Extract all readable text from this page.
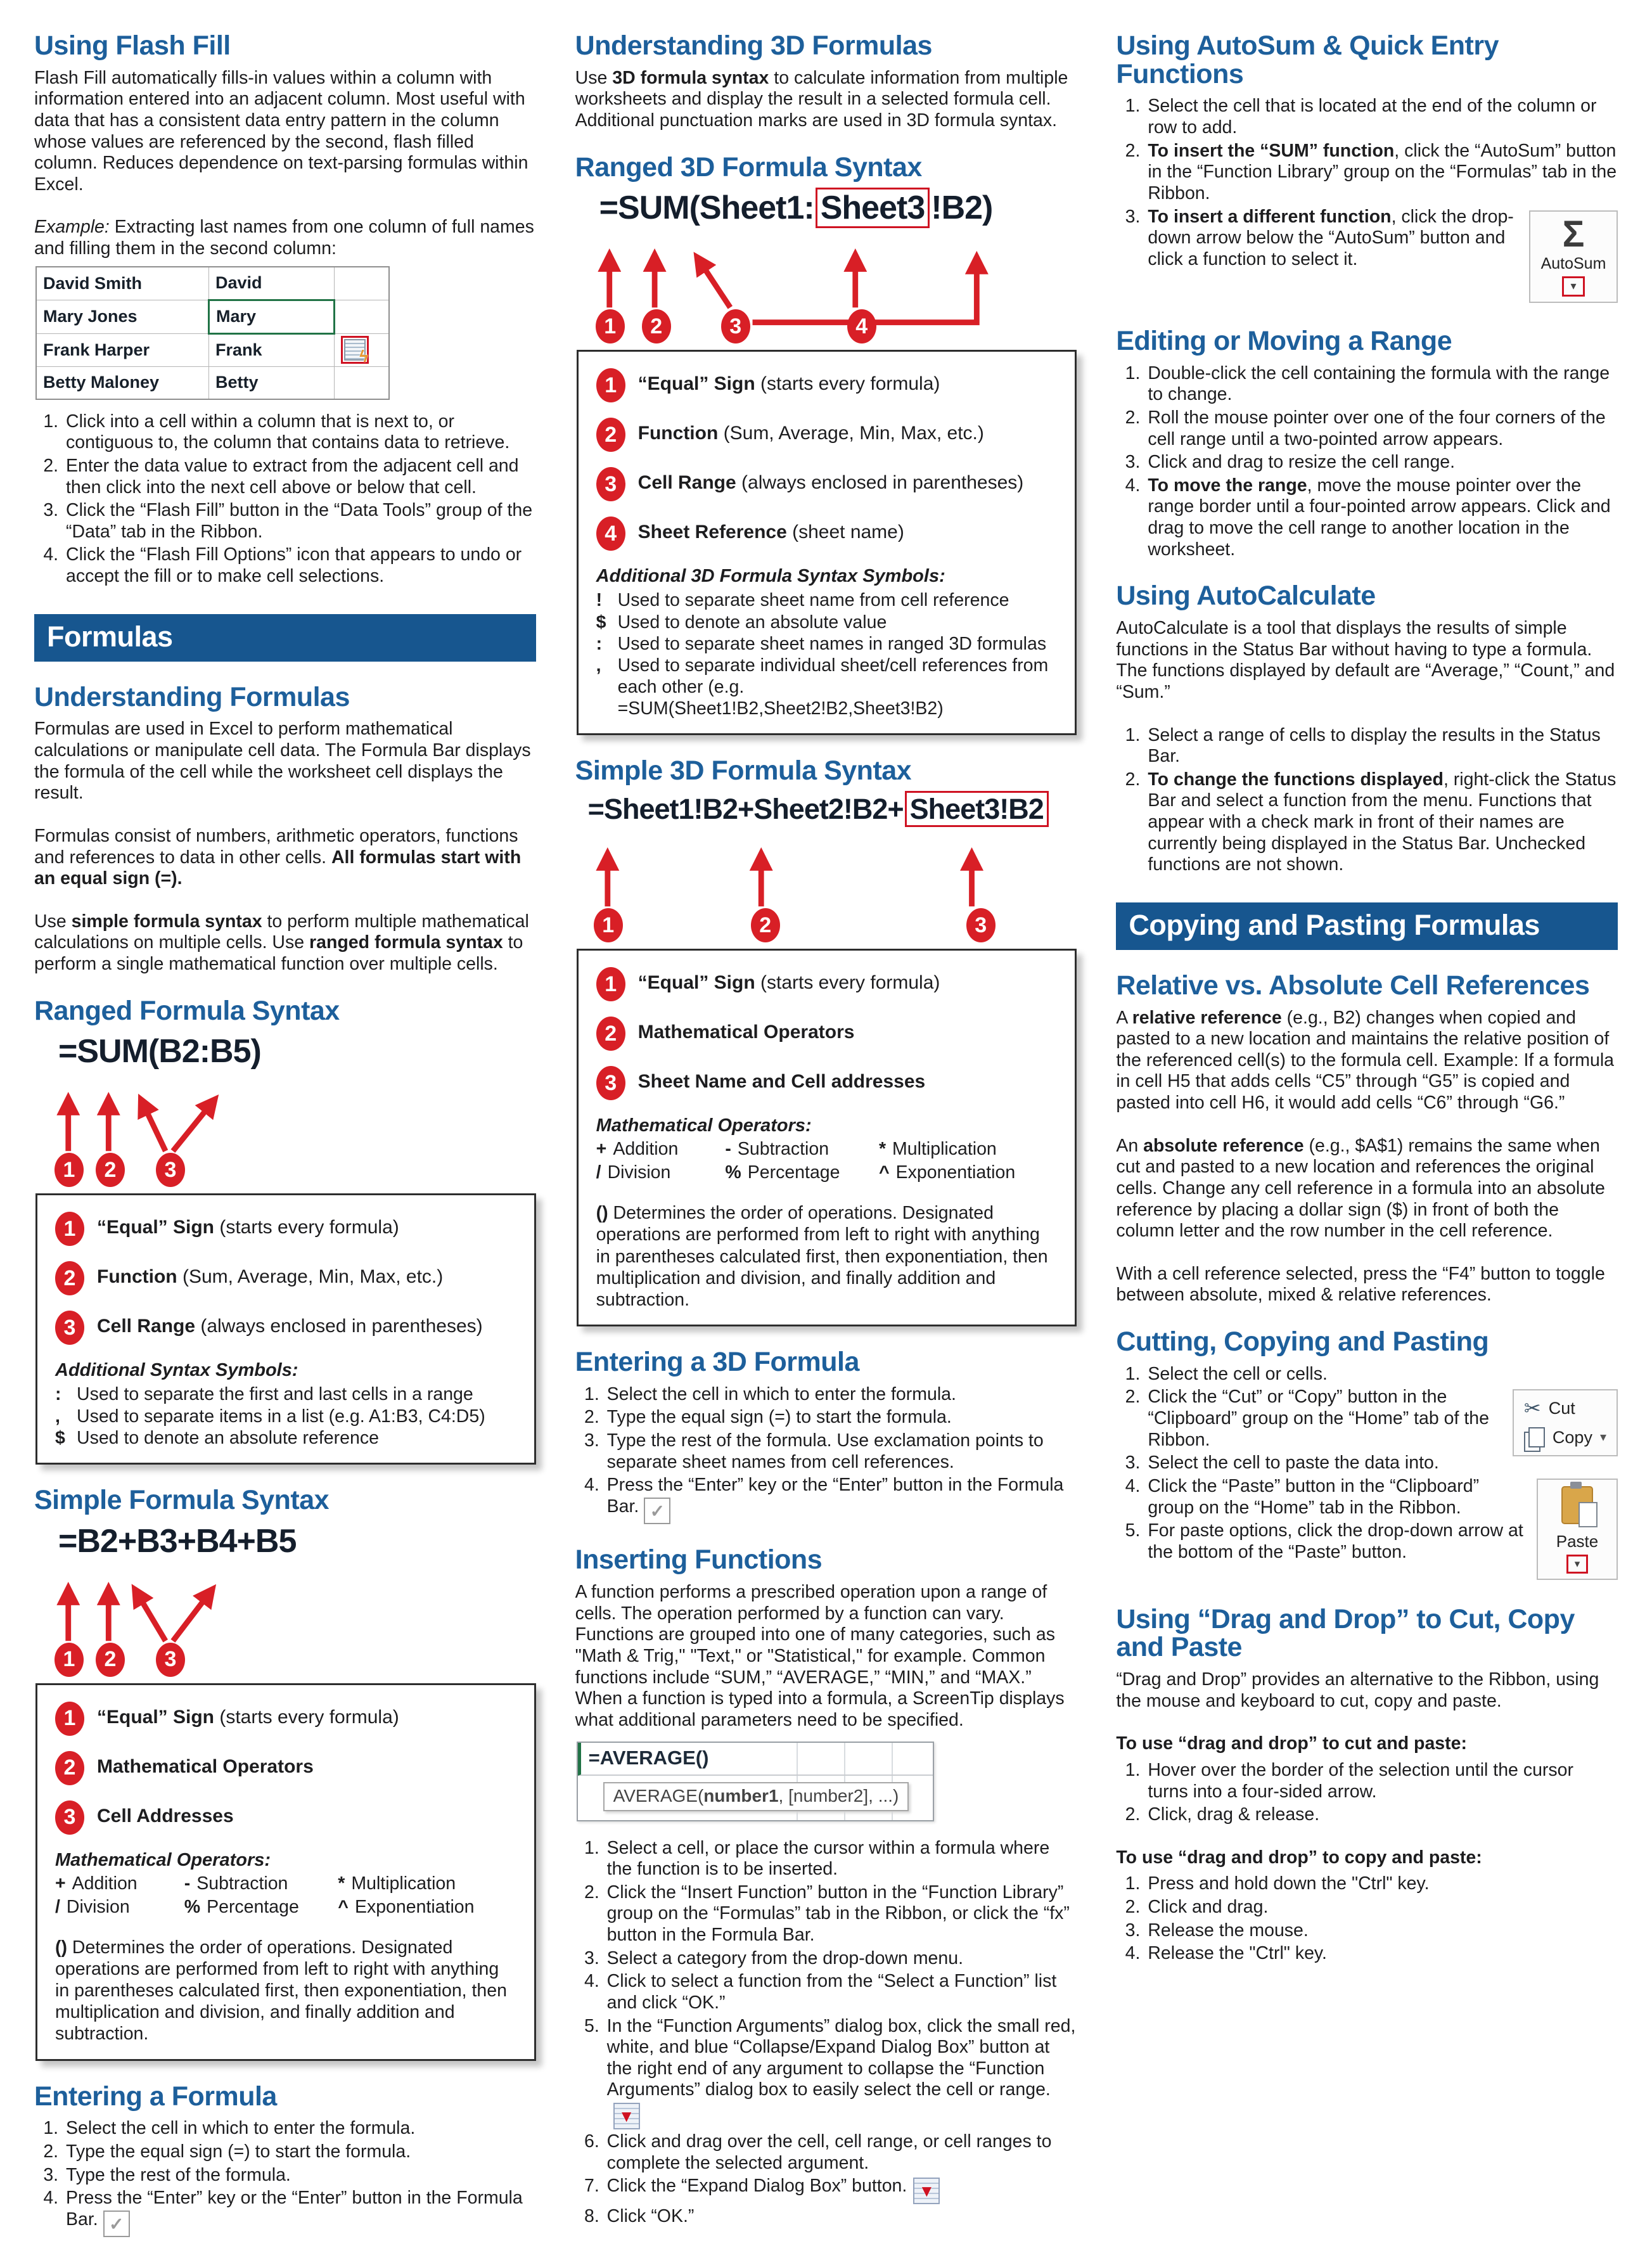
Using Flash Fill

Flash Fill automatically fills-in values within a column with information entered into an adjacent column. Most useful with data that has a consistent data entry pattern in the column whose values are referenced by the second, flash filled column. Reduces dependence on text-parsing formulas within Excel.

Example: Extracting last names from one column of full names and filling them in the second column:

David Smith	David	
Mary Jones	Mary	
Frank Harper	Frank	ϟ

Betty Maloney	Betty	
1. Click into a cell within a column that is next to, or contiguous to, the column that contains data to retrieve.
2. Enter the data value to extract from the adjacent cell and then click into the next cell above or below that cell.
3. Click the “Flash Fill” button in the “Data Tools” group of the “Data” tab in the Ribbon.
4. Click the “Flash Fill Options” icon that appears to undo or accept the fill or to make cell selections.
Formulas
Understanding Formulas

Formulas are used in Excel to perform mathematical calculations or manipulate cell data. The Formula Bar displays the formula of the cell while the worksheet cell displays the result.

Formulas consist of numbers, arithmetic operators, functions and references to data in other cells. All formulas start with an equal sign (=).

Use simple formula syntax to perform multiple mathematical calculations on multiple cells. Use ranged formula syntax to perform a single mathematical function over multiple cells.

Ranged Formula Syntax
=SUM(B2:B5)
1	2	3
1	“Equal” Sign (starts every formula)
2	Function (Sum, Average, Min, Max, etc.)
3	Cell Range (always enclosed in parentheses)
Additional Syntax Symbols:
: Used to separate the first and last cells in a range
, Used to separate items in a list (e.g. A1:B3, C4:D5)
$ Used to denote an absolute reference
Simple Formula Syntax
=B2+B3+B4+B5
1	2	3
1	“Equal” Sign (starts every formula)
2	Mathematical Operators
3	Cell Addresses
Mathematical Operators:
+ Addition	- Subtraction	* Multiplication
/ Division	% Percentage	^ Exponentiation
() Determines the order of operations. Designated operations are performed from left to right with anything in parentheses calculated first, then exponentiation, then multiplication and division, and finally addition and subtraction.
Entering a Formula
1. Select the cell in which to enter the formula.
2. Type the equal sign (=) to start the formula.
3. Type the rest of the formula.
4. Press the “Enter” key or the “Enter” button in the Formula Bar. ✓
Understanding 3D Formulas

Use 3D formula syntax to calculate information from multiple worksheets and display the result in a selected formula cell. Additional punctuation marks are used in 3D formula syntax.

Ranged 3D Formula Syntax
=SUM(Sheet1: Sheet3 !B2)
1	2	3	4
1	“Equal” Sign (starts every formula)
2	Function (Sum, Average, Min, Max, etc.)
3	Cell Range (always enclosed in parentheses)
4	Sheet Reference (sheet name)
Additional 3D Formula Syntax Symbols:
! Used to separate sheet name from cell reference
$ Used to denote an absolute value
: Used to separate sheet names in ranged 3D formulas
, Used to separate individual sheet/cell references from each other (e.g. =SUM(Sheet1!B2,Sheet2!B2,Sheet3!B2)
Simple 3D Formula Syntax
=Sheet1!B2+Sheet2!B2+ Sheet3!B2
1	2	3
1	“Equal” Sign (starts every formula)
2	Mathematical Operators
3	Sheet Name and Cell addresses
Mathematical Operators:
+ Addition	- Subtraction	* Multiplication
/ Division	% Percentage	^ Exponentiation
() Determines the order of operations. Designated operations are performed from left to right with anything in parentheses calculated first, then exponentiation, then multiplication and division, and finally addition and subtraction.
Entering a 3D Formula
1. Select the cell in which to enter the formula.
2. Type the equal sign (=) to start the formula.
3. Type the rest of the formula. Use exclamation points to separate sheet names from cell references.
4. Press the “Enter” key or the “Enter” button in the Formula Bar. ✓
Inserting Functions

A function performs a prescribed operation upon a range of cells. The operation performed by a function can vary. Functions are grouped into one of many categories, such as "Math & Trig," "Text," or "Statistical," for example. Common functions include “SUM,” “AVERAGE,” “MIN,” and “MAX.” When a function is typed into a formula, a ScreenTip displays what additional parameters need to be specified.

=AVERAGE()
AVERAGE(number1, [number2], ...)
1. Select a cell, or place the cursor within a formula where the function is to be inserted.
2. Click the “Insert Function” button in the “Function Library” group on the “Formulas” tab in the Ribbon, or click the “fx” button in the Formula Bar.
3. Select a category from the drop-down menu.
4. Click to select a function from the “Select a Function” list and click “OK.”
5. In the “Function Arguments” dialog box, click the small red, white, and blue “Collapse/Expand Dialog Box” button at the right end of any argument to collapse the “Function Arguments” dialog box to easily select the cell or range.
▼
6. Click and drag over the cell, cell range, or cell ranges to complete the selected argument.
7. Click the “Expand Dialog Box” button. ▼
8. Click “OK.”
Using AutoSum & Quick Entry Functions
1. Select the cell that is located at the end of the column or row to add.
2. To insert the “SUM” function, click the “AutoSum” button in the “Function Library” group on the “Formulas” tab in the Ribbon.
3. Σ
AutoSum
▾
To insert a different function, click the drop-down arrow below the “AutoSum” button and click a function to select it.
Editing or Moving a Range
1. Double-click the cell containing the formula with the range to change.
2. Roll the mouse pointer over one of the four corners of the cell range until a two-pointed arrow appears.
3. Click and drag to resize the cell range.
4. To move the range, move the mouse pointer over the range border until a four-pointed arrow appears. Click and drag to move the cell range to another location in the worksheet.
Using AutoCalculate

AutoCalculate is a tool that displays the results of simple functions in the Status Bar without having to type a formula. The functions displayed by default are “Average,” “Count,” and “Sum.”

1. Select a range of cells to display the results in the Status Bar.
2. To change the functions displayed, right-click the Status Bar and select a function from the menu. Functions that appear with a check mark in front of their names are currently being displayed in the Status Bar. Unchecked functions are not shown.
Copying and Pasting Formulas
Relative vs. Absolute Cell References

A relative reference (e.g., B2) changes when copied and pasted to a new location and maintains the relative position of the referenced cell(s) to the formula cell. Example: If a formula in cell H5 that adds cells “C5” through “G5” is copied and pasted into cell H6, it would add cells “C6” through “G6.”

An absolute reference (e.g., $A$1) remains the same when cut and pasted to a new location and references the original cells. Change any cell reference in a formula into an absolute reference by placing a dollar sign ($) in front of both the column letter and the row number in the cell reference.

With a cell reference selected, press the “F4” button to toggle between absolute, mixed & relative references.

Cutting, Copying and Pasting
1. Select the cell or cells.
2. ✂ Cut
Copy ▾
Click the “Cut” or “Copy” button in the “Clipboard” group on the “Home” tab of the Ribbon.
3. Select the cell to paste the data into.
4. Paste
▾
Click the “Paste” button in the “Clipboard” group on the “Home” tab in the Ribbon.
5. For paste options, click the drop-down arrow at the bottom of the “Paste” button.
Using “Drag and Drop” to Cut, Copy and Paste

“Drag and Drop” provides an alternative to the Ribbon, using the mouse and keyboard to cut, copy and paste.

To use “drag and drop” to cut and paste:

1. Hover over the border of the selection until the cursor turns into a four-sided arrow.
2. Click, drag & release.

To use “drag and drop” to copy and paste:

1. Press and hold down the "Ctrl" key.
2. Click and drag.
3. Release the mouse.
4. Release the "Ctrl" key.
